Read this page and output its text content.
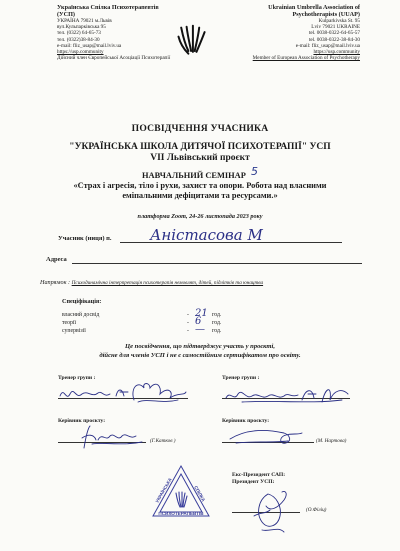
Українська Спілка Психотерапевтів
(УСП)
УКРАЇНА 79021 м.Львів
вул.Кульпарківська 95
тел. (0322) 64-65-73
тел. (0322)38-84-30
e-mail: fliz_usap@mail.lviv.ua
https://usp.community
Дійсний член Європейської Асоціації Психотерапії
Ukrainian Umbrella Association of
Psychotherapists (UUAP)
Kulparkivska St. 95
Lviv 79021 UKRAINE
tel. 0038-0322-64-65-57
tel. 0038-0322-38-84-30
e-mail: fliz_usap@mail.lviv.ua
https://usp.community
Member of European Association of Psychotherapy
ПОСВІДЧЕННЯ УЧАСНИКА
"УКРАЇНСЬКА ШКОЛА ДИТЯЧОЇ ПСИХОТЕРАПІЇ" УСП
VII Львівський проєкт
НАВЧАЛЬНИЙ СЕМІНАР 5
«Страх і агресія, тіло і рухи, захист та опори. Робота над власними
еміпальними дефіцитами та ресурсами.»
платформа Zoom, 24-26 листопада 2023 року
Учасник (ниця) п.	Аністасова М
Адреса
Напрямок : Психодинамічна інтерпретація психотерапія немовлят, дітей, підлітків та юнацтва
Спеціфікація:
власний досвід	- 21 год.
теорії	- 6 год.
супервізії	- — год.
Це посвідчення, що підтверджує участь у проєкті,
дійсне для членів УСП і не є самостійним сертифікатом про освіту.
Тренер групи :	Тренер групи :
Керівник проєкту:
(Г.Катков )
Керівник проєкту:
(М. Нартова)
СПІЛКА
УКРАЇНСЬКА
ПСИХОТЕРАПЕВТІВ
Екс-Президент САП:
Президент УСП:
(О.Філіц)
